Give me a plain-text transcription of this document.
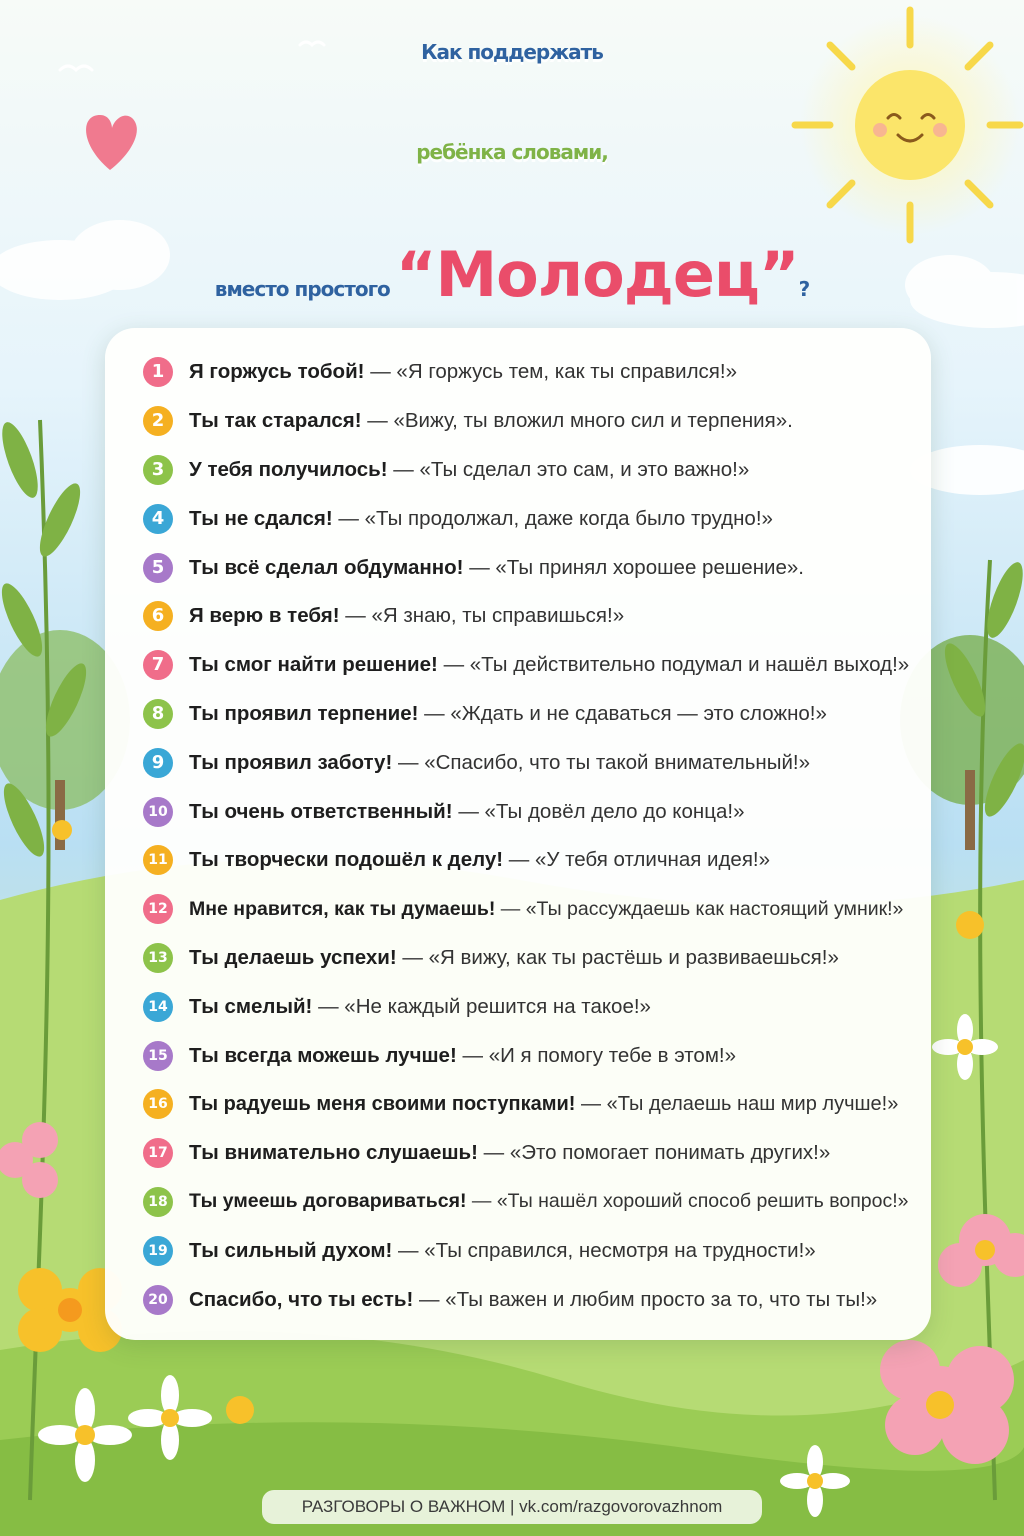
Как поддержать
ребёнка словами,
вместо простого “Молодец”?
1	Я горжусь тобой! — «Я горжусь тем, как ты справился!»
2	Ты так старался! — «Вижу, ты вложил много сил и терпения».
3	У тебя получилось! — «Ты сделал это сам, и это важно!»
4	Ты не сдался! — «Ты продолжал, даже когда было трудно!»
5	Ты всё сделал обдуманно! — «Ты принял хорошее решение».
6	Я верю в тебя! — «Я знаю, ты справишься!»
7	Ты смог найти решение! — «Ты действительно подумал и нашёл выход!»
8	Ты проявил терпение! — «Ждать и не сдаваться — это сложно!»
9	Ты проявил заботу! — «Спасибо, что ты такой внимательный!»
10 Ты очень ответственный! — «Ты довёл дело до конца!»
11 Ты творчески подошёл к делу! — «У тебя отличная идея!»
12 Мне нравится, как ты думаешь! — «Ты рассуждаешь как настоящий умник!»
13 Ты делаешь успехи! — «Я вижу, как ты растёшь и развиваешься!»
14 Ты смелый! — «Не каждый решится на такое!»
15 Ты всегда можешь лучше! — «И я помогу тебе в этом!»
16 Ты радуешь меня своими поступками! — «Ты делаешь наш мир лучше!»
17 Ты внимательно слушаешь! — «Это помогает понимать других!»
18 Ты умеешь договариваться! — «Ты нашёл хороший способ решить вопрос!»
19 Ты сильный духом! — «Ты справился, несмотря на трудности!»
20 Спасибо, что ты есть! — «Ты важен и любим просто за то, что ты ты!»
РАЗГОВОРЫ О ВАЖНОМ | vk.com/razgovorovazhnom
